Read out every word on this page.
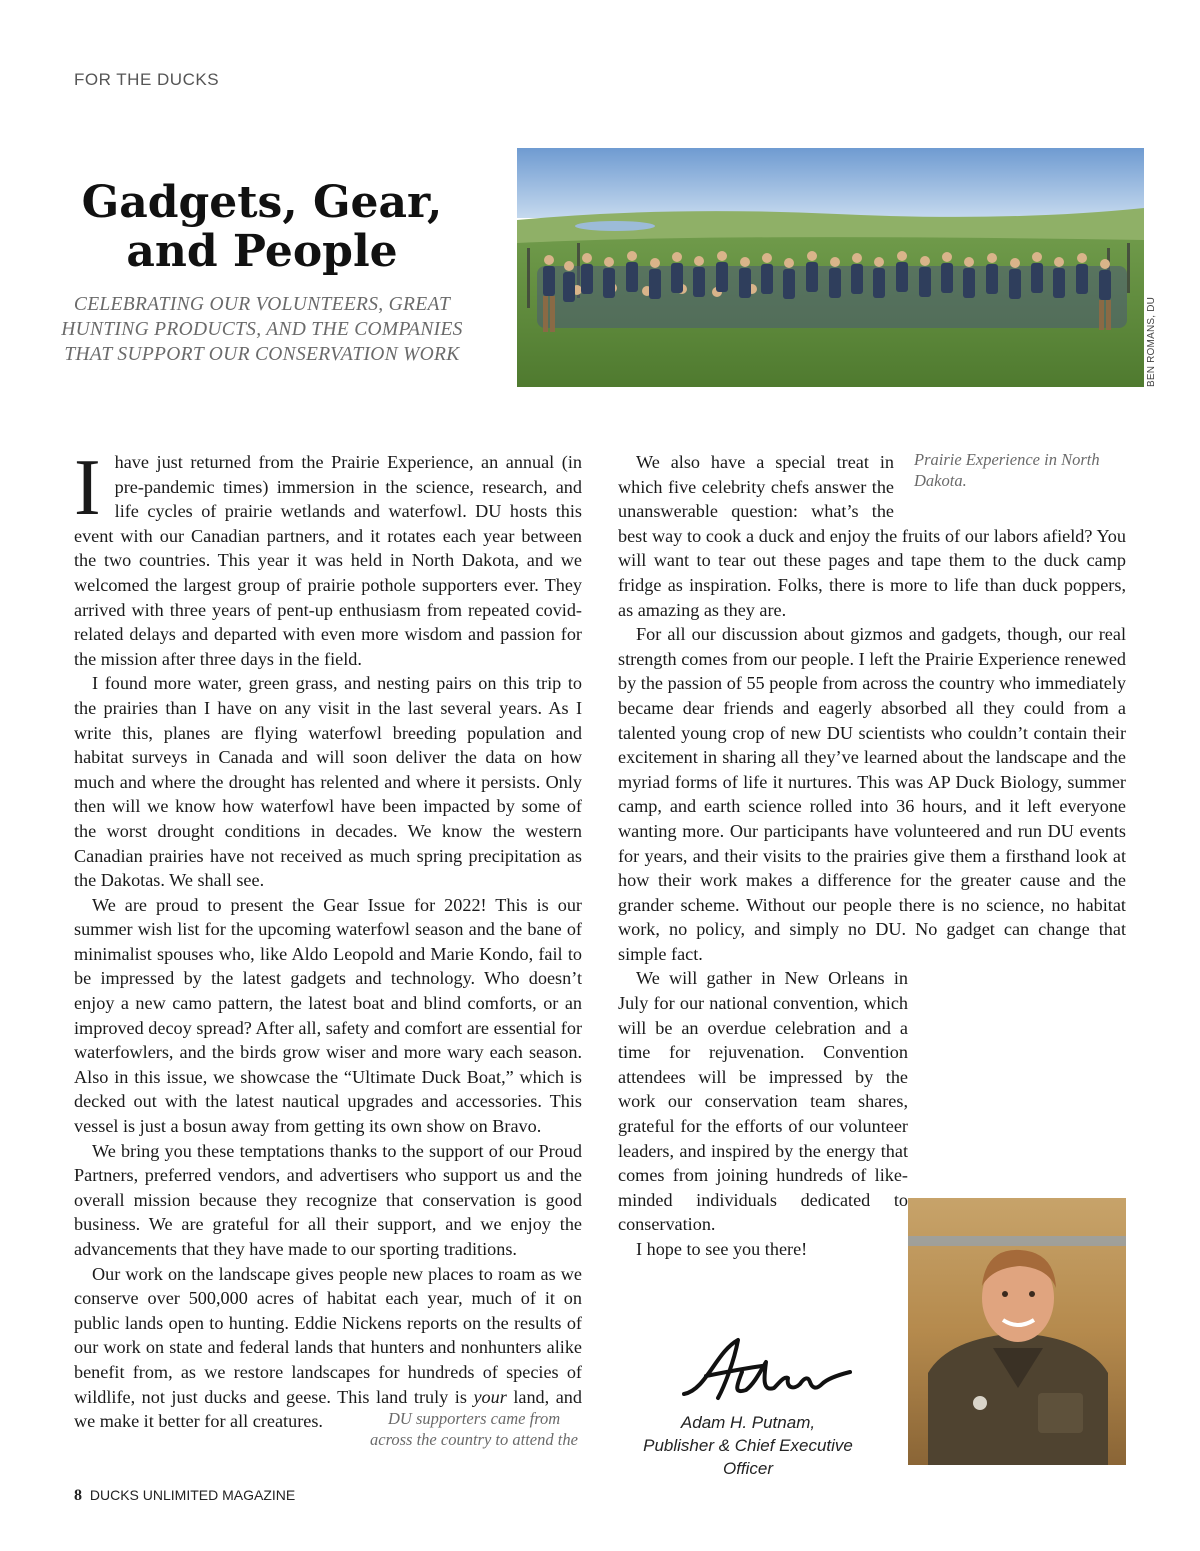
FOR THE DUCKS
Gadgets, Gear, and People

CELEBRATING OUR VOLUNTEERS, GREAT HUNTING PRODUCTS, AND THE COMPANIES THAT SUPPORT OUR CONSERVATION WORK	BEN ROMANS, DU

Ihave just returned from the Prairie Experience, an annual (in pre-pandemic times) immersion in the science, research, and life cycles of prairie wetlands and waterfowl. DU hosts this event with our Canadian partners, and it rotates each year between the two countries. This year it was held in North Dakota, and we welcomed the largest group of prairie pothole supporters ever. They arrived with three years of pent-up enthusiasm from repeated covid-related delays and departed with even more wisdom and passion for the mission after three days in the field.

I found more water, green grass, and nesting pairs on this trip to the prairies than I have on any visit in the last several years. As I write this, planes are flying waterfowl breeding population and habitat surveys in Canada and will soon deliver the data on how much and where the drought has relented and where it persists. Only then will we know how waterfowl have been impacted by some of the worst drought conditions in decades. We know the western Canadian prairies have not received as much spring precipitation as the Dakotas. We shall see.

We are proud to present the Gear Issue for 2022! This is our summer wish list for the upcoming waterfowl season and the bane of minimalist spouses who, like Aldo Leopold and Marie Kondo, fail to be impressed by the latest gadgets and technology. Who doesn’t enjoy a new camo pattern, the latest boat and blind comforts, or an improved decoy spread? After all, safety and comfort are essential for waterfowlers, and the birds grow wiser and more wary each season. Also in this issue, we showcase the “Ultimate Duck Boat,” which is decked out with the latest nautical upgrades and accessories. This vessel is just a bosun away from getting its own show on Bravo.

We bring you these temptations thanks to the support of our Proud Partners, preferred vendors, and advertisers who support us and the overall mission because they recognize that conservation is good business. We are grateful for all their support, and we enjoy the advancements that they have made to our sporting traditions.

Our work on the landscape gives people new places to roam as we conserve over 500,000 acres of habitat each year, much of it on public lands open to hunting. Eddie Nickens reports on the results of our work on state and federal lands that hunters and nonhunters alike benefit from, as we restore landscapes for hundreds of species of wildlife, not just ducks and geese. This land truly is
DU supporters came from across the country to attend the Prairie Experience in North Dakota.
your land, and we make it better for all creatures.

We also have a special treat in which five celebrity chefs answer the unanswerable question: what’s the best way to cook a duck and enjoy the fruits of our labors afield? You will want to tear out these pages and tape them to the duck camp fridge as inspiration. Folks, there is more to life than duck poppers, as amazing as they are.

For all our discussion about gizmos and gadgets, though, our real strength comes from our people. I left the Prairie Experience renewed by the passion of 55 people from across the country who immediately became dear friends and eagerly absorbed all they could from a talented young crop of new DU scientists who couldn’t contain their excitement in sharing all they’ve learned about the landscape and the myriad forms of life it nurtures. This was AP Duck Biology, summer camp, and earth science rolled into 36 hours, and it left everyone wanting more. Our participants have volunteered and run DU events for years, and their visits to the prairies give them a firsthand look at how their work makes a difference for the greater cause and the grander scheme. Without our people there is no science, no habitat work, no policy, and simply no DU. No gadget can change that simple fact.

We will gather in New Orleans in July for our national convention, which will be an overdue celebration and a time for rejuvenation. Convention attendees will be impressed by the work our conservation team shares, grateful for the efforts of our volunteer leaders, and inspired by the energy that comes from joining hundreds of like-minded individuals dedicated to conservation.

I hope to see you there!

Adam H. Putnam,
Publisher & Chief Executive Officer
8 DUCKS UNLIMITED MAGAZINE
